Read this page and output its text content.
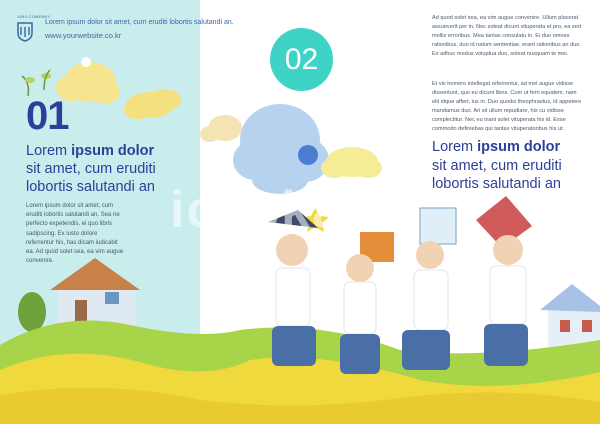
1994 COMPANY
Lorem ipsum dolor sit amet, cum eruditi lobortis salutandi an.
www.yourwebsite.co.kr
01
Lorem ipsum dolor
sit amet, cum eruditi lobortis salutandi an
Lorem ipsum dolor sit amet, cum eruditi lobortis salutandi an. Sea ne perfecto expetendis, ei quo libris sadipscing. Ex iusto dolore referrentur his, has dicam iudicabit ea. Ad quod solet sea, ea vim augue convenire.
02
Ad quod solet sea, ea vim augue convenire. Ullum placerat assueverit per in. Nec soleat dicunt vituperata et pro, ea sed mollis erroribus. Mea tantas consulatu in. Ei duo omnes rationibus, duo id natum sententiae, erant rationibus an duo. Ex adhuc modus voluptua duo, soleat nusquam te mei.
Et vix homero intellegat referrentur, ad mel augue vidisse dissentunt, quo eu dicunt libris. Cum ut ferri equidem, nam elit idque affert, ius in. Duo quodsi theophrastus, id appetere mandamus duo. Ari sit ullum repudiare, his cu vidisse complectitur. Nec eu inani solet vituperata his id. Esse commodo definiebas qui tantas vituperatoribus his ut.
Lorem ipsum dolor
sit amet, cum eruditi lobortis salutandi an
iclickart
